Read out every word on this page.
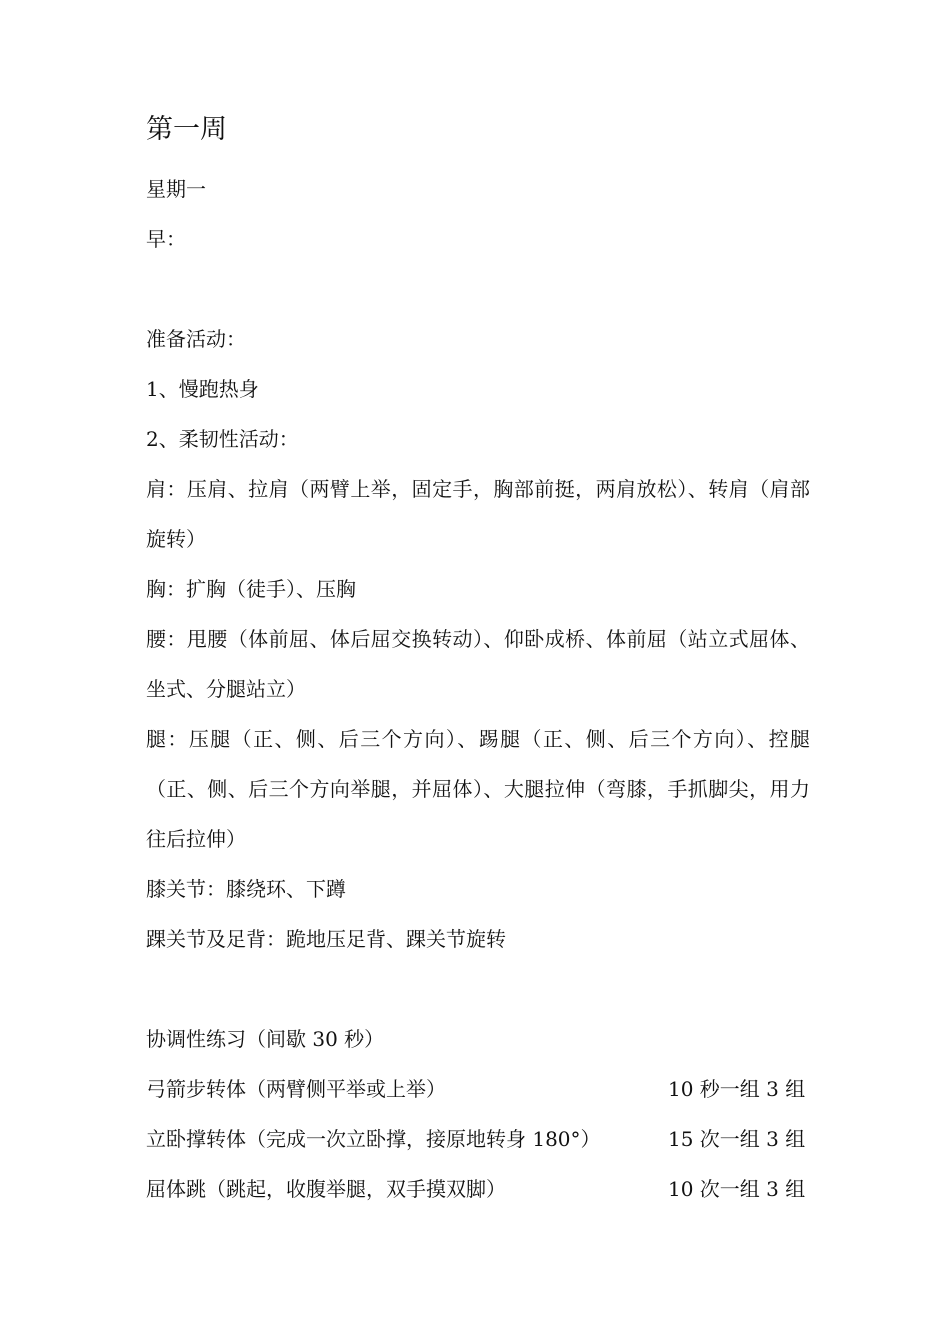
第一周
星期一
早：
准备活动：
1、慢跑热身
2、柔韧性活动：
肩：压肩、拉肩（两臂上举，固定手，胸部前挺，两肩放松）、转肩（肩部旋转）
胸：扩胸（徒手）、压胸
腰：甩腰（体前屈、体后屈交换转动）、仰卧成桥、体前屈（站立式屈体、坐式、分腿站立）
腿：压腿（正、侧、后三个方向）、踢腿（正、侧、后三个方向）、控腿（正、侧、后三个方向举腿，并屈体）、大腿拉伸（弯膝，手抓脚尖，用力往后拉伸）
膝关节：膝绕环、下蹲
踝关节及足背：跪地压足背、踝关节旋转
协调性练习（间歇 30 秒）
弓箭步转体（两臂侧平举或上举）	10 秒一组 3 组
立卧撑转体（完成一次立卧撑，接原地转身 180°）	15 次一组 3 组
屈体跳（跳起，收腹举腿，双手摸双脚）	10 次一组 3 组
